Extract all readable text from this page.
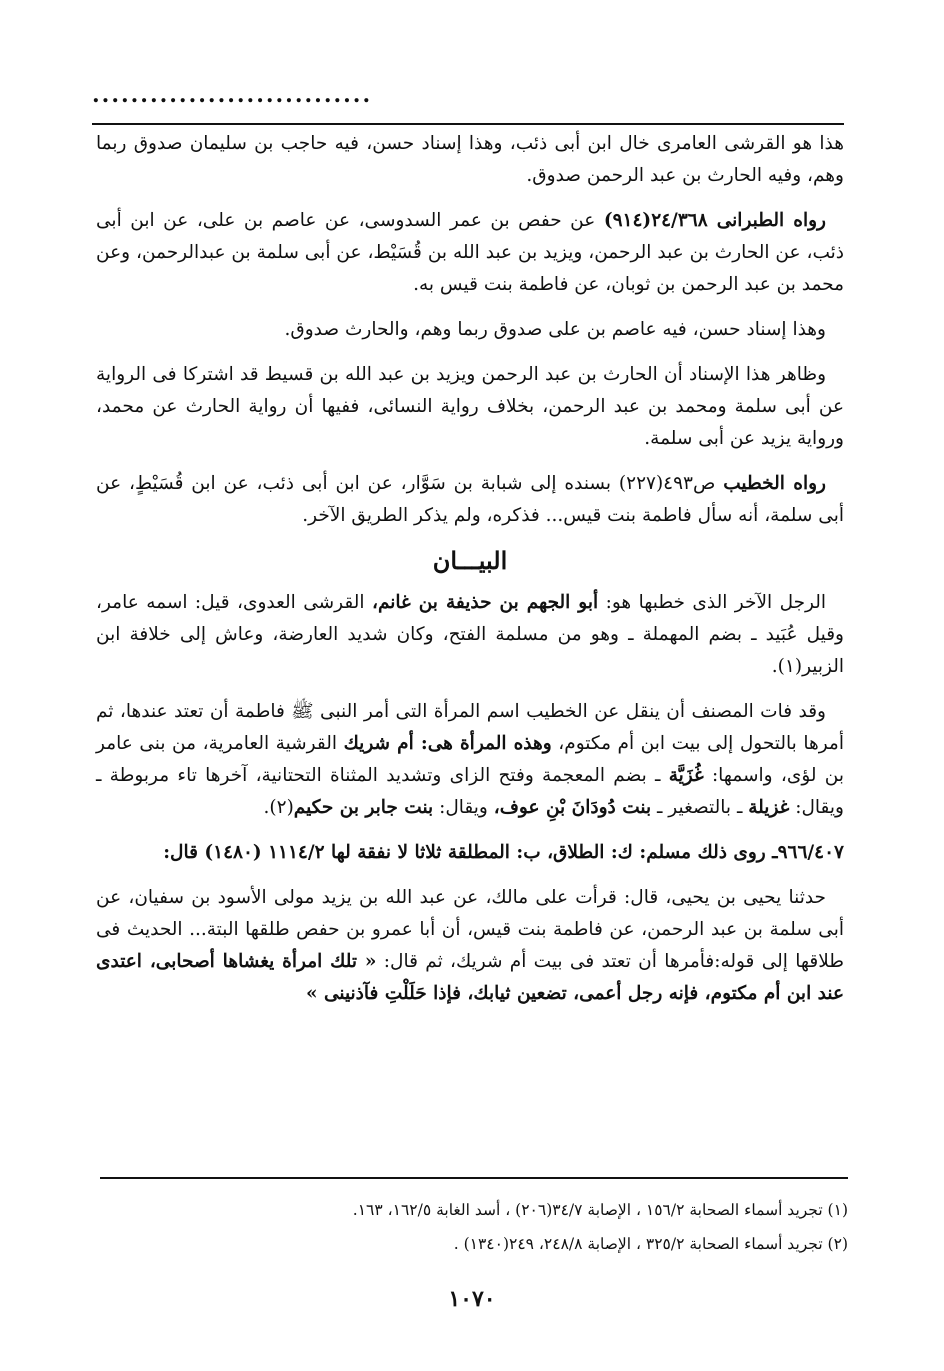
.............................

هذا هو القرشى العامرى خال ابن أبى ذئب، وهذا إسناد حسن، فيه حاجب بن سليمان صدوق ربما وهم، وفيه الحارث بن عبد الرحمن صدوق.

رواه الطبرانى ٢٤/٣٦٨(٩١٤) عن حفص بن عمر السدوسى، عن عاصم بن على، عن ابن أبى ذئب، عن الحارث بن عبد الرحمن، ويزيد بن عبد الله بن قُسَيْط، عن أبى سلمة بن عبدالرحمن، وعن محمد بن عبد الرحمن بن ثوبان، عن فاطمة بنت قيس به.

وهذا إسناد حسن، فيه عاصم بن على صدوق ربما وهم، والحارث صدوق.

وظاهر هذا الإسناد أن الحارث بن عبد الرحمن ويزيد بن عبد الله بن قسيط قد اشتركا فى الرواية عن أبى سلمة ومحمد بن عبد الرحمن، بخلاف رواية النسائى، ففيها أن رواية الحارث عن محمد، ورواية يزيد عن أبى سلمة.

رواه الخطيب ص٤٩٣(٢٢٧) بسنده إلى شبابة بن سَوَّار، عن ابن أبى ذئب، عن ابن قُسَيْطٍ، عن أبى سلمة، أنه سأل فاطمة بنت قيس... فذكره، ولم يذكر الطريق الآخر.

البيـــان

الرجل الآخر الذى خطبها هو: أبو الجهم بن حذيفة بن غانم، القرشى العدوى، قيل: اسمه عامر، وقيل عُبَيد ـ بضم المهملة ـ وهو من مسلمة الفتح، وكان شديد العارضة، وعاش إلى خلافة ابن الزبير(١).

وقد فات المصنف أن ينقل عن الخطيب اسم المرأة التى أمر النبى ﷺ فاطمة أن تعتد عندها، ثم أمرها بالتحول إلى بيت ابن أم مكتوم، وهذه المرأة هى: أم شريك القرشية العامرية، من بنى عامر بن لؤى، واسمها: غُزَيَّة ـ بضم المعجمة وفتح الزاى وتشديد المثناة التحتانية، آخرها تاء مربوطة ـ ويقال: غزيلة ـ بالتصغير ـ بنت دُودَانَ بْنِ عوف، ويقال: بنت جابر بن حكيم(٢).

٩٦٦/٤٠٧ـ روى ذلك مسلم: ك: الطلاق، ب: المطلقة ثلاثا لا نفقة لها ١١١٤/٢ (١٤٨٠) قال:

حدثنا يحيى بن يحيى، قال: قرأت على مالك، عن عبد الله بن يزيد مولى الأسود بن سفيان، عن أبى سلمة بن عبد الرحمن، عن فاطمة بنت قيس، أن أبا عمرو بن حفص طلقها البتة... الحديث فى طلاقها إلى قوله:فأمرها أن تعتد فى بيت أم شريك، ثم قال: « تلك امرأة يغشاها أصحابى، اعتدى عند ابن أم مكتوم، فإنه رجل أعمى، تضعين ثيابك، فإذا حَلَلْتِ فآذنينى »

(١) تجريد أسماء الصحابة ١٥٦/٢ ، الإصابة ٣٤/٧(٢٠٦) ، أسد الغابة ١٦٢/٥، ١٦٣.
(٢) تجريد أسماء الصحابة ٣٢٥/٢ ، الإصابة ٢٤٨/٨، ٢٤٩(١٣٤٠) .
١٠٧٠
